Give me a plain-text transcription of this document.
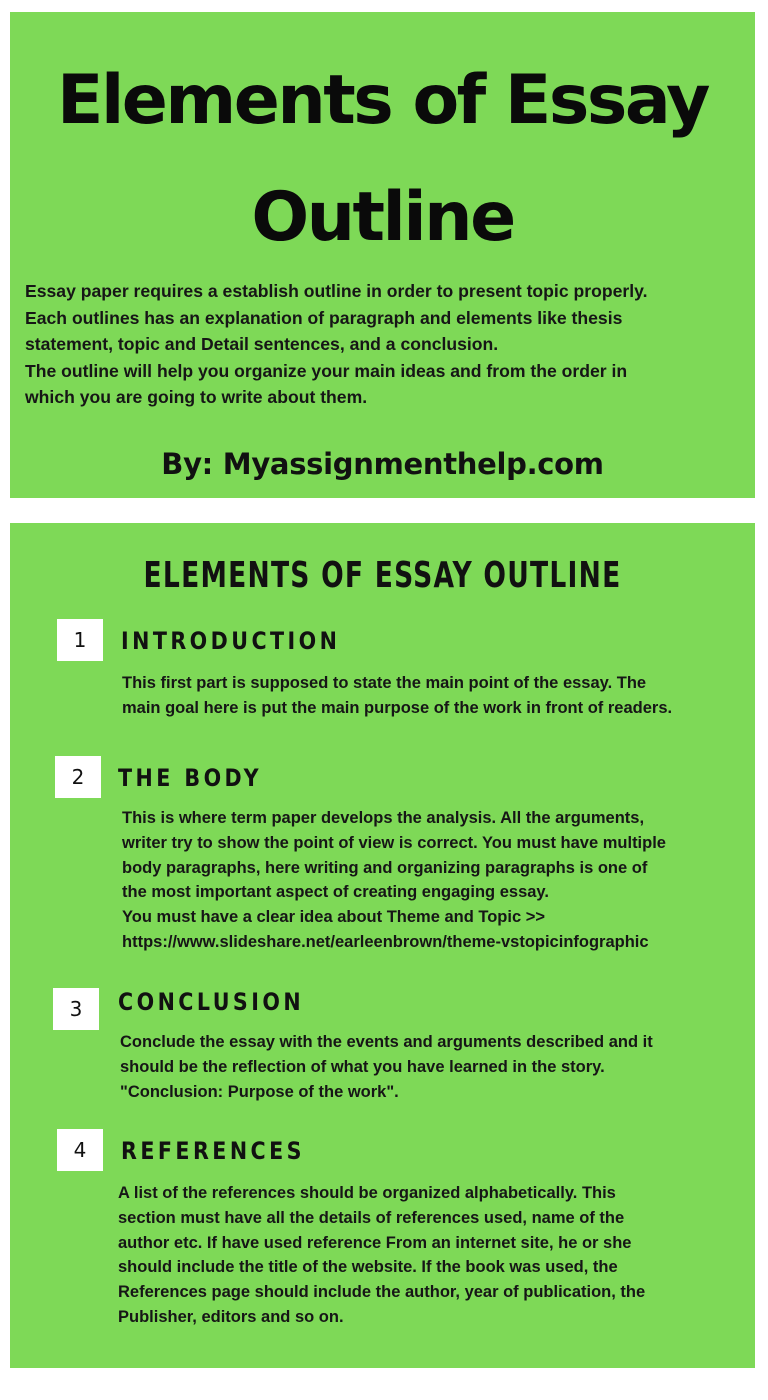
Elements of Essay
Outline

Essay paper requires a establish outline in order to present topic properly.
Each outlines has an explanation of paragraph and elements like thesis
statement, topic and Detail sentences, and a conclusion.
The outline will help you organize your main ideas and from the order in
which you are going to write about them.

By: Myassignmenthelp.com
ELEMENTS OF ESSAY OUTLINE
1	INTRODUCTION

This first part is supposed to state the main point of the essay. The
main goal here is put the main purpose of the work in front of readers.

2	THE BODY

This is where term paper develops the analysis. All the arguments,
writer try to show the point of view is correct. You must have multiple
body paragraphs, here writing and organizing paragraphs is one of
the most important aspect of creating engaging essay.
You must have a clear idea about Theme and Topic >>
https://www.slideshare.net/earleenbrown/theme-vstopicinfographic

3	CONCLUSION

Conclude the essay with the events and arguments described and it
should be the reflection of what you have learned in the story.
"Conclusion: Purpose of the work".

4	REFERENCES

A list of the references should be organized alphabetically. This
section must have all the details of references used, name of the
author etc. If have used reference From an internet site, he or she
should include the title of the website. If the book was used, the
References page should include the author, year of publication, the
Publisher, editors and so on.
